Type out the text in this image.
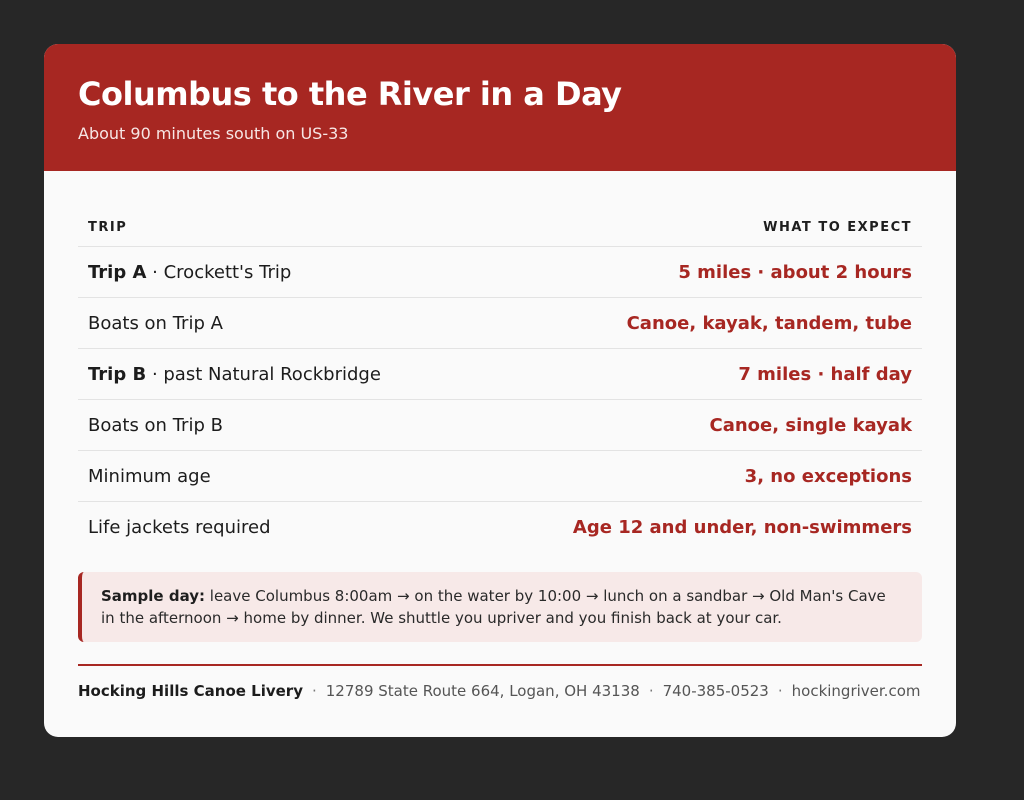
Columbus to the River in a Day
About 90 minutes south on US-33
TRIP	WHAT TO EXPECT
Trip A · Crockett's Trip	5 miles · about 2 hours
Boats on Trip A	Canoe, kayak, tandem, tube
Trip B · past Natural Rockbridge	7 miles · half day
Boats on Trip B	Canoe, single kayak
Minimum age	3, no exceptions
Life jackets required	Age 12 and under, non-swimmers
Sample day: leave Columbus 8:00am → on the water by 10:00 → lunch on a sandbar → Old Man's Cave in the afternoon → home by dinner. We shuttle you upriver and you finish back at your car.
Hocking Hills Canoe Livery · 12789 State Route 664, Logan, OH 43138 · 740-385-0523 · hockingriver.com
